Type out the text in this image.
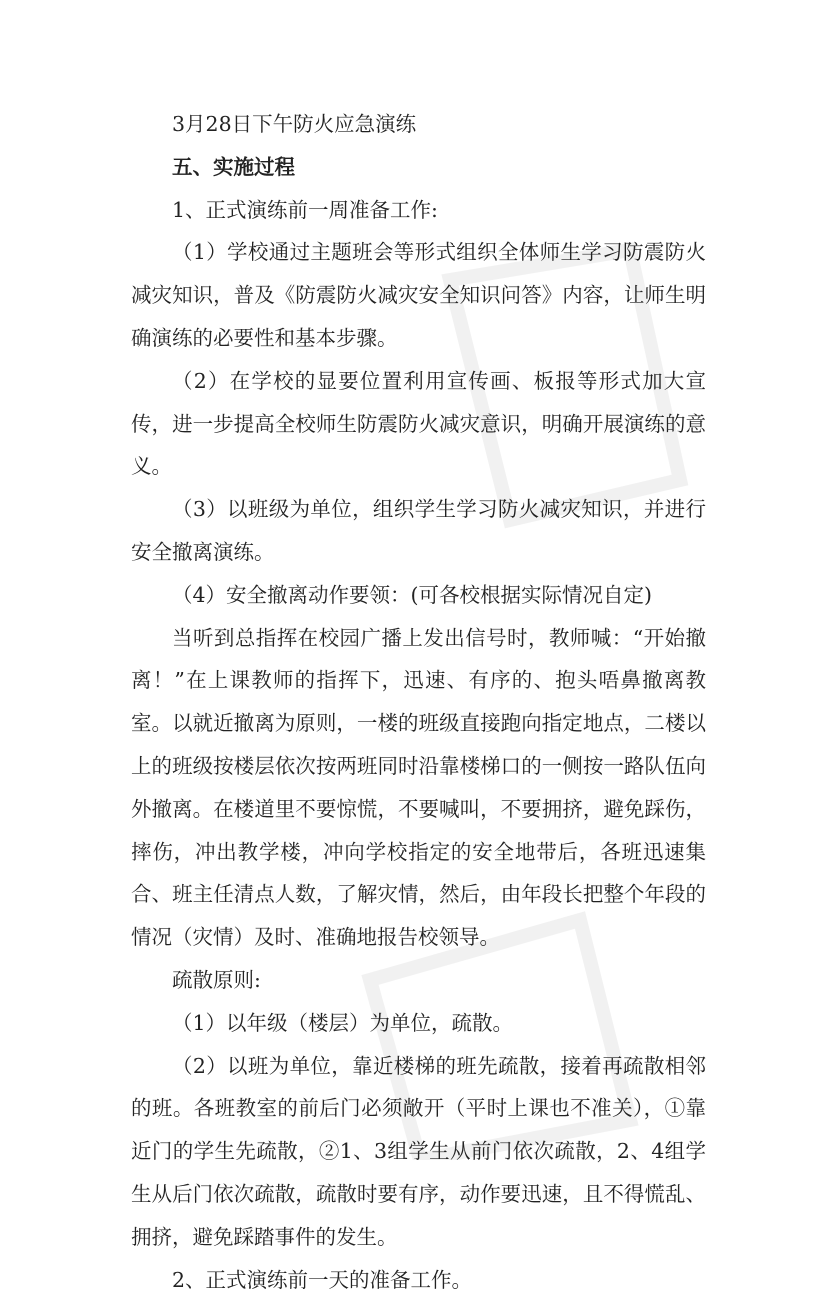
3月28日下午防火应急演练

五、实施过程

1、正式演练前一周准备工作:

（1）学校通过主题班会等形式组织全体师生学习防震防火减灾知识，普及《防震防火减灾安全知识问答》内容，让师生明确演练的必要性和基本步骤。

（2）在学校的显要位置利用宣传画、板报等形式加大宣传，进一步提高全校师生防震防火减灾意识，明确开展演练的意义。

（3）以班级为单位，组织学生学习防火减灾知识，并进行安全撤离演练。

（4）安全撤离动作要领：(可各校根据实际情况自定)

当听到总指挥在校园广播上发出信号时，教师喊：“开始撤离！”在上课教师的指挥下，迅速、有序的、抱头唔鼻撤离教室。以就近撤离为原则，一楼的班级直接跑向指定地点，二楼以上的班级按楼层依次按两班同时沿靠楼梯口的一侧按一路队伍向外撤离。在楼道里不要惊慌，不要喊叫，不要拥挤，避免踩伤，摔伤，冲出教学楼，冲向学校指定的安全地带后，各班迅速集合、班主任清点人数，了解灾情，然后，由年段长把整个年段的情况（灾情）及时、准确地报告校领导。

疏散原则:

（1）以年级（楼层）为单位，疏散。

（2）以班为单位，靠近楼梯的班先疏散，接着再疏散相邻的班。各班教室的前后门必须敞开（平时上课也不准关），①靠近门的学生先疏散，②1、3组学生从前门依次疏散，2、4组学生从后门依次疏散，疏散时要有序，动作要迅速，且不得慌乱、拥挤，避免踩踏事件的发生。

2、正式演练前一天的准备工作。
